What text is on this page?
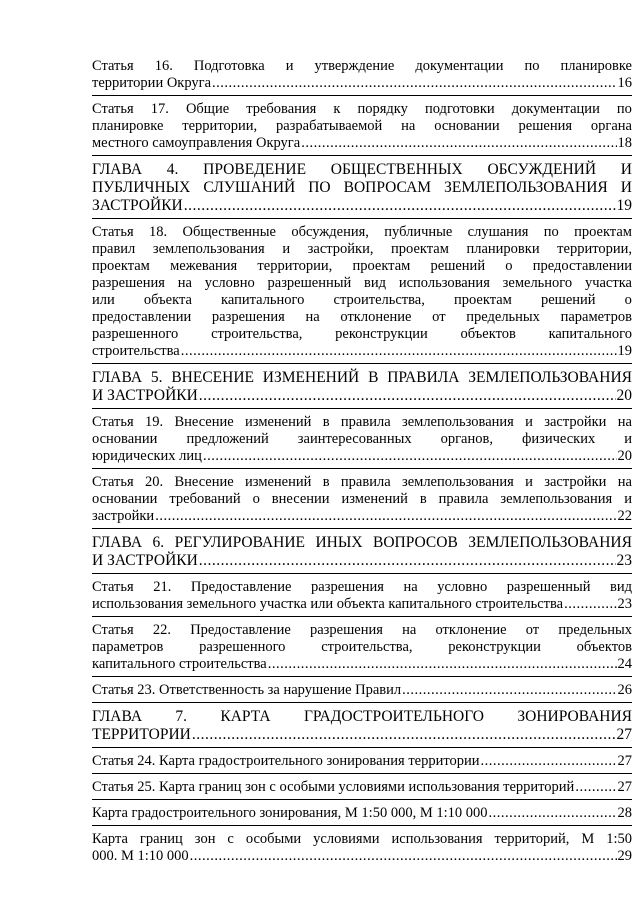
Статья 16. Подготовка и утверждение документации по планировке
территории Округа .....	16
Статья 17. Общие требования к порядку подготовки документации по
планировке территории, разрабатываемой на основании решения органа
местного самоуправления Округа .....	18
ГЛАВА 4. ПРОВЕДЕНИЕ ОБЩЕСТВЕННЫХ ОБСУЖДЕНИЙ И
ПУБЛИЧНЫХ СЛУШАНИЙ ПО ВОПРОСАМ ЗЕМЛЕПОЛЬЗОВАНИЯ И
ЗАСТРОЙКИ .....	19
Статья 18. Общественные обсуждения, публичные слушания по проектам
правил землепользования и застройки, проектам планировки территории,
проектам межевания территории, проектам решений о предоставлении
разрешения на условно разрешенный вид использования земельного участка
или объекта капитального строительства, проектам решений о
предоставлении разрешения на отклонение от предельных параметров
разрешенного строительства, реконструкции объектов капитального
строительства .....	19
ГЛАВА 5. ВНЕСЕНИЕ ИЗМЕНЕНИЙ В ПРАВИЛА ЗЕМЛЕПОЛЬЗОВАНИЯ
И ЗАСТРОЙКИ .....	20
Статья 19. Внесение изменений в правила землепользования и застройки на
основании предложений заинтересованных органов, физических и
юридических лиц .....	20
Статья 20. Внесение изменений в правила землепользования и застройки на
основании требований о внесении изменений в правила землепользования и
застройки .....	22
ГЛАВА 6. РЕГУЛИРОВАНИЕ ИНЫХ ВОПРОСОВ ЗЕМЛЕПОЛЬЗОВАНИЯ
И ЗАСТРОЙКИ .....	23
Статья 21. Предоставление разрешения на условно разрешенный вид
использования земельного участка или объекта капитального строительства .....	23
Статья 22. Предоставление разрешения на отклонение от предельных
параметров разрешенного строительства, реконструкции объектов
капитального строительства .....	24
Статья 23. Ответственность за нарушение Правил .....	26
ГЛАВА 7. КАРТА ГРАДОСТРОИТЕЛЬНОГО ЗОНИРОВАНИЯ
ТЕРРИТОРИИ .....	27
Статья 24. Карта градостроительного зонирования территории .....	27
Статья 25. Карта границ зон с особыми условиями использования территорий .....	27
Карта градостроительного зонирования, М 1:50 000, М 1:10 000 .....	28
Карта границ зон с особыми условиями использования территорий, М 1:50
000. М 1:10 000 .....	29
